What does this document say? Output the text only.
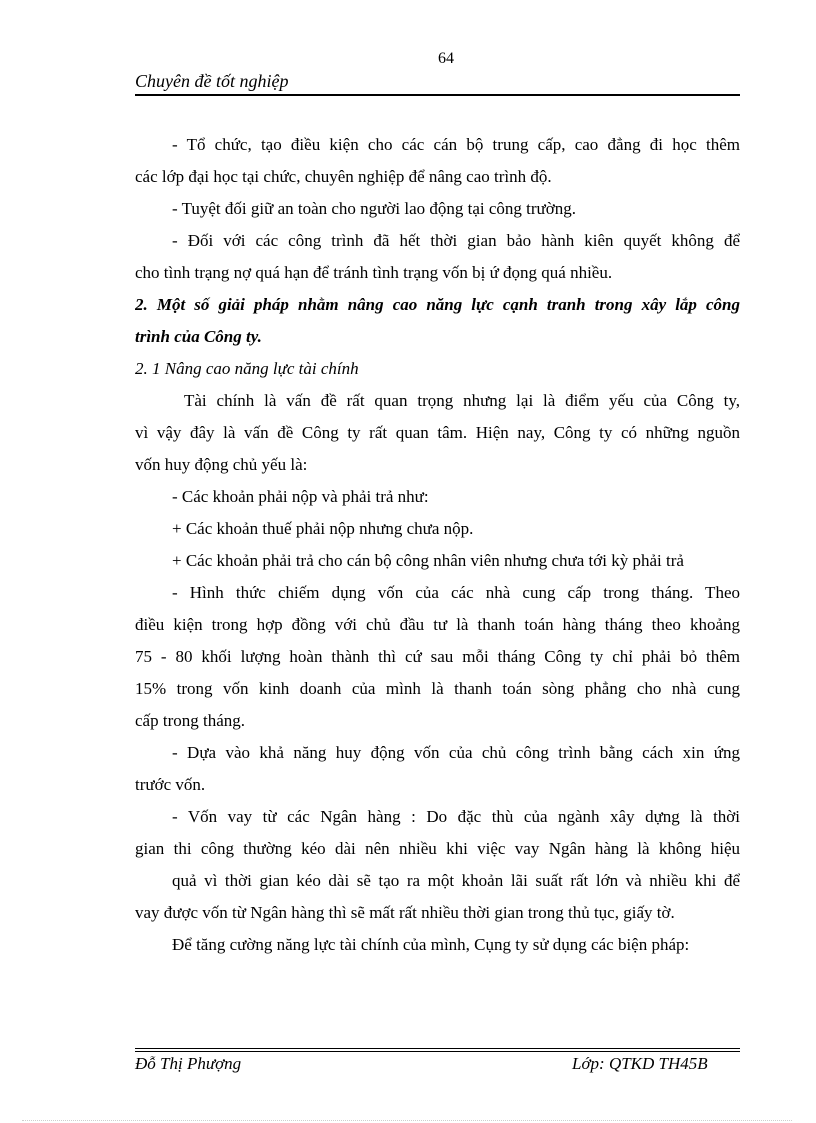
64
Chuyên đề tốt nghiệp
- Tổ chức, tạo điều kiện cho các cán bộ trung cấp, cao đẳng đi học thêm
các lớp đại học tại chức, chuyên nghiệp để nâng cao trình độ.
- Tuyệt đối giữ an toàn cho người lao động tại công trường.
- Đối với các công trình đã hết thời gian bảo hành kiên quyết không để
cho tình trạng nợ quá hạn để tránh tình trạng vốn bị ứ đọng quá nhiều.
2. Một số giải pháp nhằm nâng cao năng lực cạnh tranh trong xây lắp công
trình của Công ty.
2. 1 Nâng cao năng lực tài chính
Tài chính là vấn đề rất quan trọng nhưng lại là điểm yếu của Công ty,
vì vậy đây là vấn đề Công ty rất quan tâm. Hiện nay, Công ty có những nguồn
vốn huy động chủ yếu là:
- Các khoản phải nộp và phải trả như:
+ Các khoản thuế phải nộp nhưng chưa nộp.
+ Các khoản phải trả cho cán bộ công nhân viên nhưng chưa tới kỳ phải trả
- Hình thức chiếm dụng vốn của các nhà cung cấp trong tháng. Theo
điều kiện trong hợp đồng với chủ đầu tư là thanh toán hàng tháng theo khoảng
75 - 80 khối lượng hoàn thành thì cứ sau mỗi tháng Công ty chỉ phải bỏ thêm
15% trong vốn kinh doanh của mình là thanh toán sòng phẳng cho nhà cung
cấp trong tháng.
- Dựa vào khả năng huy động vốn của chủ công trình bằng cách xin ứng
trước vốn.
- Vốn vay từ các Ngân hàng : Do đặc thù của ngành xây dựng là thời
gian thi công thường kéo dài nên nhiều khi việc vay Ngân hàng là không hiệu
quả vì thời gian kéo dài sẽ tạo ra một khoản lãi suất rất lớn và nhiều khi để
vay được vốn từ Ngân hàng thì sẽ mất rất nhiều thời gian trong thủ tục, giấy tờ.
Để tăng cường năng lực tài chính của mình, Cụng ty sử dụng các biện pháp:
Đỗ Thị Phượng	Lớp: QTKD TH45B
